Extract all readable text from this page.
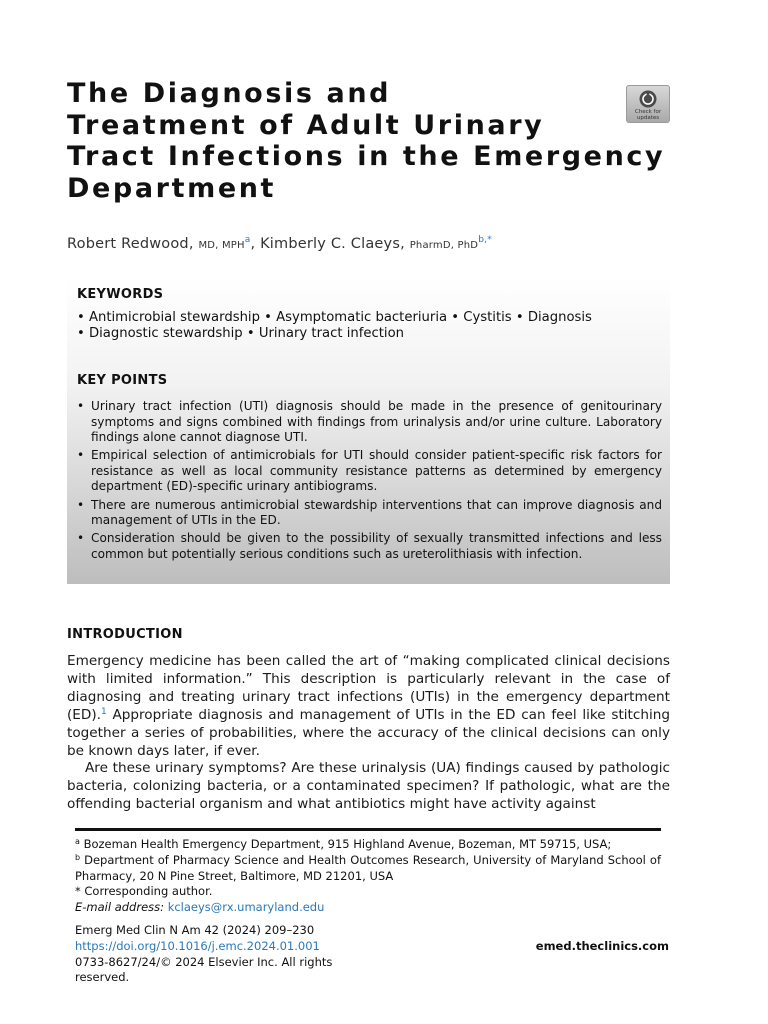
The Diagnosis and
Treatment of Adult Urinary
Tract Infections in the Emergency
Department
Check for
updates
Robert Redwood, MD, MPH$^a$, Kimberly C. Claeys, PharmD, PhD$^{b,*}$
KEYWORDS
• Antimicrobial stewardship • Asymptomatic bacteriuria • Cystitis • Diagnosis
• Diagnostic stewardship • Urinary tract infection
KEY POINTS
• Urinary tract infection (UTI) diagnosis should be made in the presence of genitourinary symptoms and signs combined with findings from urinalysis and/or urine culture. Laboratory findings alone cannot diagnose UTI.
• Empirical selection of antimicrobials for UTI should consider patient-specific risk factors for resistance as well as local community resistance patterns as determined by emergency department (ED)-specific urinary antibiograms.
• There are numerous antimicrobial stewardship interventions that can improve diagnosis and management of UTIs in the ED.
• Consideration should be given to the possibility of sexually transmitted infections and less common but potentially serious conditions such as ureterolithiasis with infection.
INTRODUCTION

Emergency medicine has been called the art of “making complicated clinical decisions with limited information.” This description is particularly relevant in the case of diagnosing and treating urinary tract infections (UTIs) in the emergency department (ED).$^1$ Appropriate diagnosis and management of UTIs in the ED can feel like stitching together a series of probabilities, where the accuracy of the clinical decisions can only be known days later, if ever.

Are these urinary symptoms? Are these urinalysis (UA) findings caused by pathologic bacteria, colonizing bacteria, or a contaminated specimen? If pathologic, what are the offending bacterial organism and what antibiotics might have activity against

$^a$ Bozeman Health Emergency Department, 915 Highland Avenue, Bozeman, MT 59715, USA;
$^b$ Department of Pharmacy Science and Health Outcomes Research, University of Maryland School of Pharmacy, 20 N Pine Street, Baltimore, MD 21201, USA
* Corresponding author.
E-mail address: kclaeys@rx.umaryland.edu
Emerg Med Clin N Am 42 (2024) 209–230
https://doi.org/10.1016/j.emc.2024.01.001
0733-8627/24/© 2024 Elsevier Inc. All rights reserved.
emed.theclinics.com
